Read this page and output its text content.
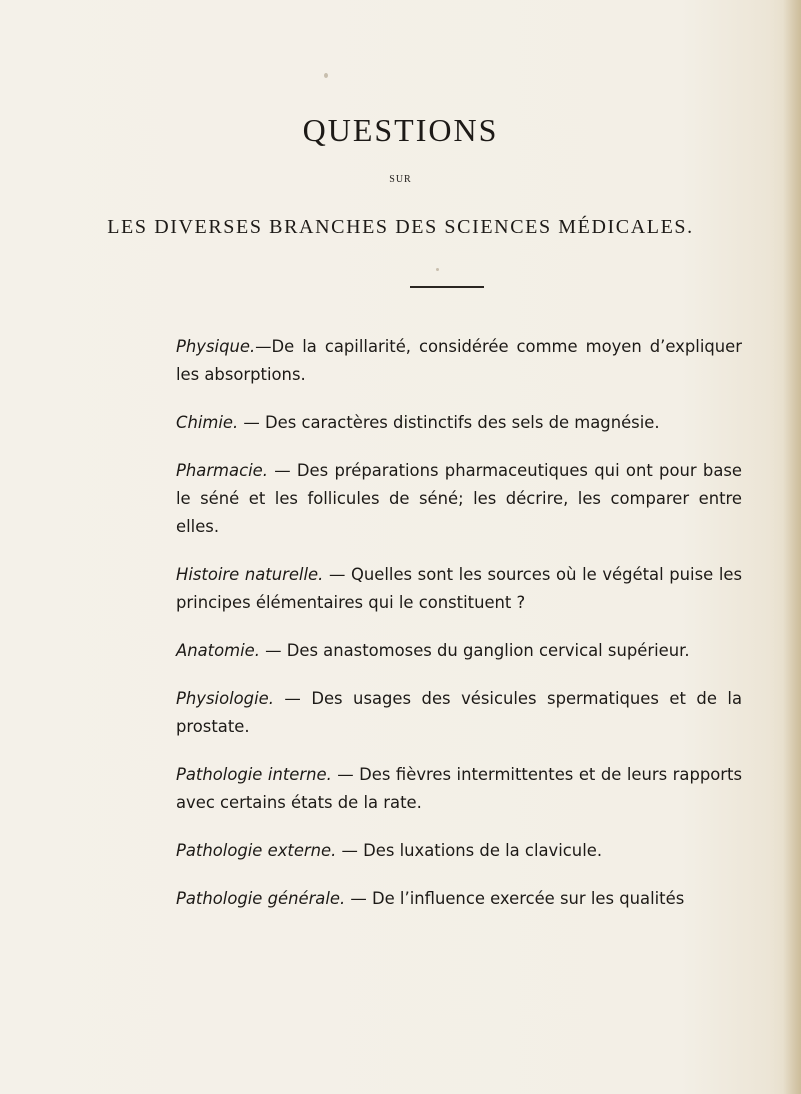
QUESTIONS
SUR
LES DIVERSES BRANCHES DES SCIENCES MÉDICALES.

Physique.—De la capillarité, considérée comme moyen d’expliquer les absorptions.

Chimie. — Des caractères distinctifs des sels de magnésie.

Pharmacie. — Des préparations pharmaceutiques qui ont pour base le séné et les follicules de séné; les décrire, les comparer entre elles.

Histoire naturelle. — Quelles sont les sources où le végétal puise les principes élémentaires qui le constituent ?

Anatomie. — Des anastomoses du ganglion cervical supérieur.

Physiologie. — Des usages des vésicules spermatiques et de la prostate.

Pathologie interne. — Des fièvres intermittentes et de leurs rapports avec certains états de la rate.

Pathologie externe. — Des luxations de la clavicule.

Pathologie générale. — De l’influence exercée sur les qualités
